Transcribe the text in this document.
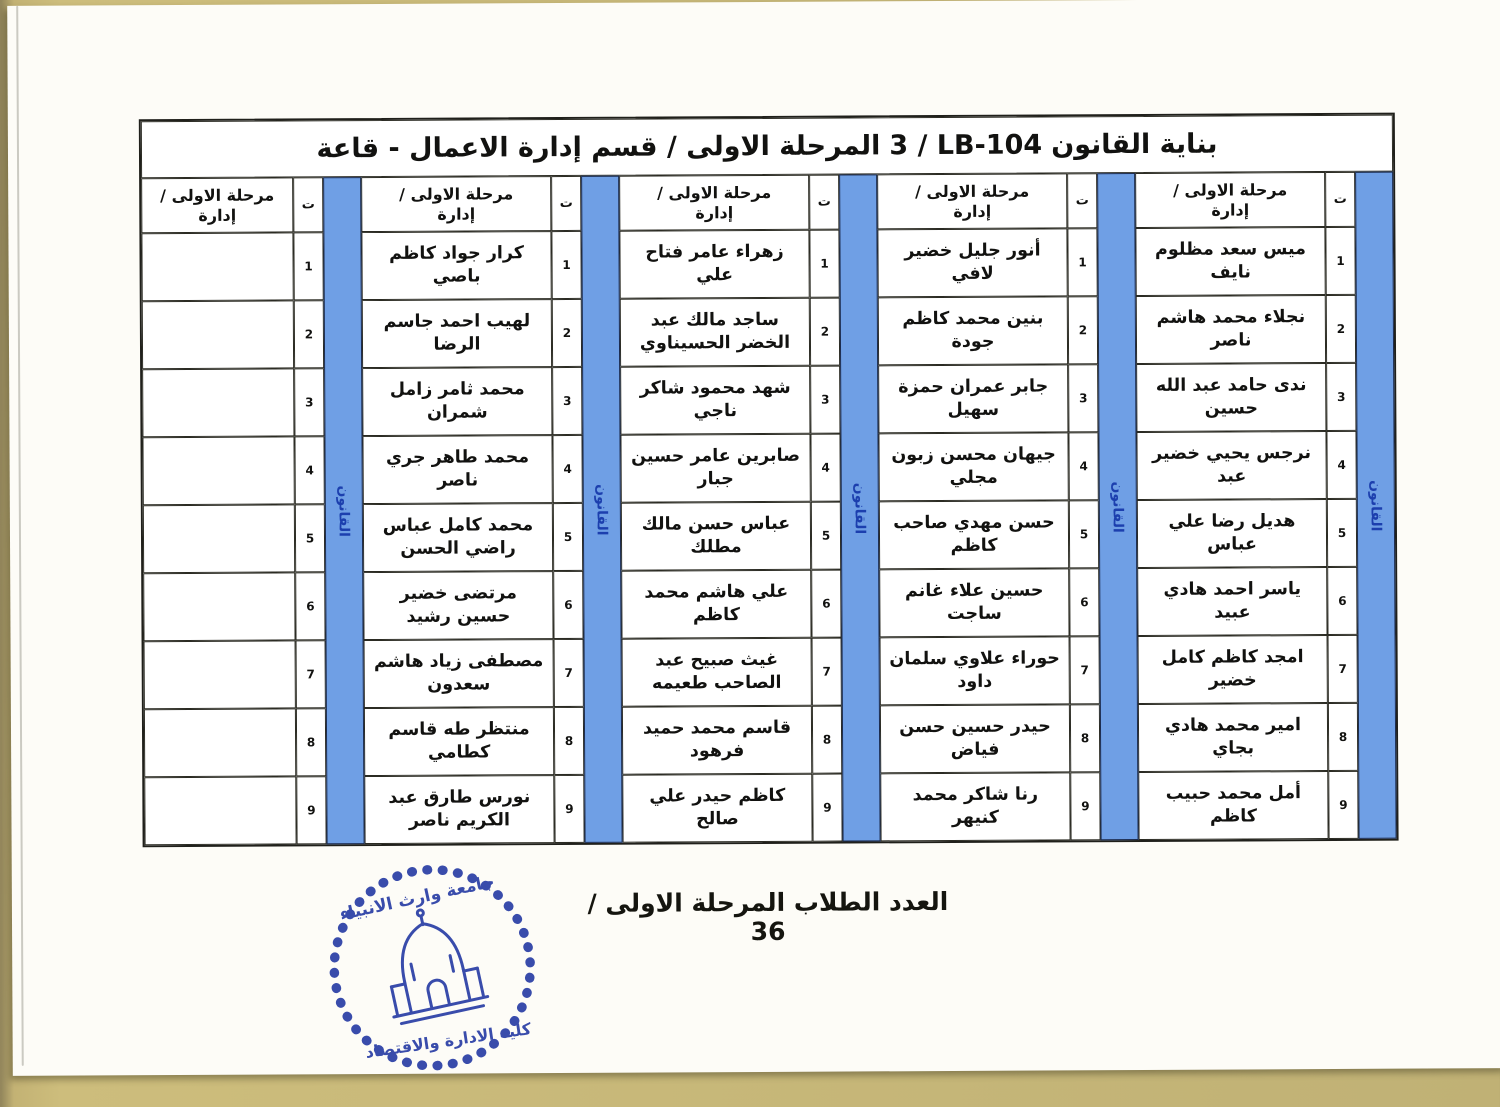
المرحلة الاولى / قسم إدارة الاعمال - قاعة 3 / LB-104 بناية القانون
القانون
ت
مرحلة الاولى / إدارة
1
ميس سعد مظلوم نايف
2
نجلاء محمد هاشم ناصر
3
ندى حامد عبد الله حسين
4
نرجس يحيي خضير عبد
5
هديل رضا علي عباس
6
ياسر احمد هادي عبيد
7
امجد كاظم كامل خضير
8
امير محمد هادي بجاي
9
أمل محمد حبيب كاظم
القانون
ت
مرحلة الاولى / إدارة
1
أنور جليل خضير لافي
2
بنين محمد كاظم جودة
3
جابر عمران حمزة سهيل
4
جيهان محسن زبون مجلي
5
حسن مهدي صاحب كاظم
6
حسين علاء غانم ساجت
7
حوراء علاوي سلمان داود
8
حيدر حسين حسن فياض
9
رنا شاكر محمد كنيهر
القانون
ت
مرحلة الاولى / إدارة
1
زهراء عامر فتاح علي
2
ساجد مالك عبد الخضر الحسيناوي
3
شهد محمود شاكر ناجي
4
صابرين عامر حسين جبار
5
عباس حسن مالك مطلك
6
علي هاشم محمد كاظم
7
غيث صبيح عبد الصاحب طعيمه
8
قاسم محمد حميد فرهود
9
كاظم حيدر علي صالح
القانون
ت
مرحلة الاولى / إدارة
1
كرار جواد كاظم باصي
2
لهيب احمد جاسم الرضا
3
محمد ثامر زامل شمران
4
محمد طاهر جري ناصر
5
محمد كامل عباس راضي الحسن
6
مرتضى خضير حسين رشيد
7
مصطفى زياد هاشم سعدون
8
منتظر طه قاسم كطامي
9
نورس طارق عبد الكريم ناصر
القانون
ت
مرحلة الاولى / إدارة
1
2
3
4
5
6
7
8
9
العدد الطلاب المرحلة الاولى / 36
جامعة وارث الانبياء
كلية الادارة والاقتصاد
